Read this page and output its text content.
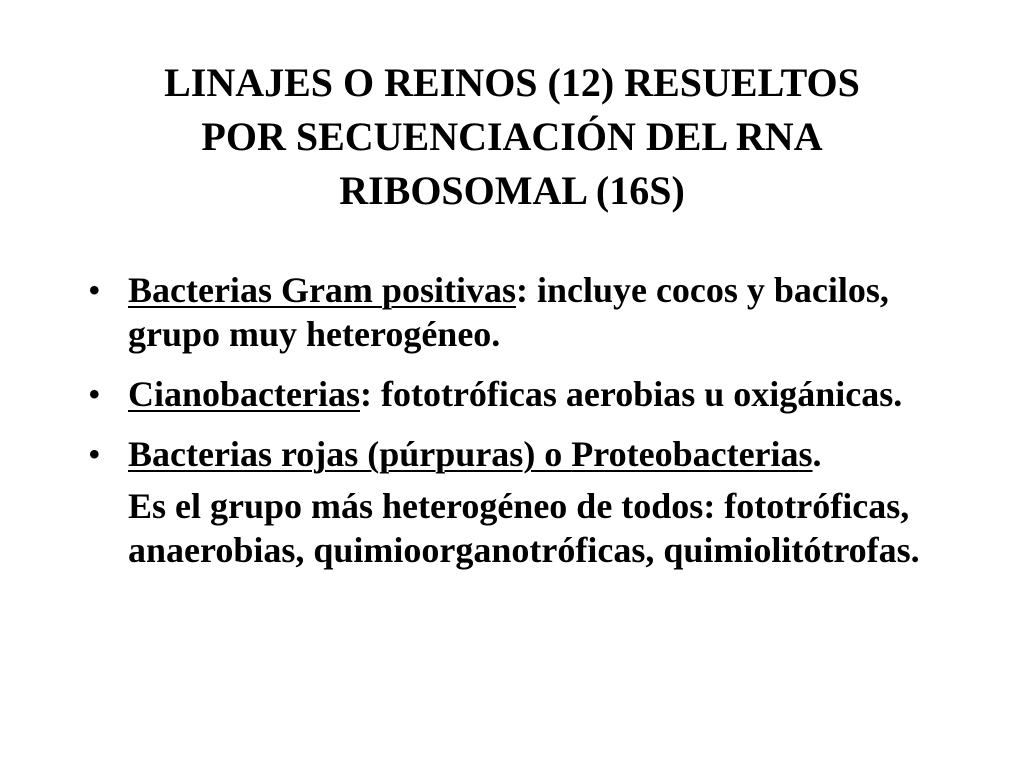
LINAJES O REINOS (12) RESUELTOS
POR SECUENCIACIÓN DEL RNA
RIBOSOMAL (16S)
• Bacterias Gram positivas: incluye cocos y bacilos, grupo muy heterogéneo.
• Cianobacterias: fototróficas aerobias u oxigánicas.
• Bacterias rojas (púrpuras) o Proteobacterias.
Es el grupo más heterogéneo de todos: fototróficas, anaerobias, quimioorganotróficas, quimiolitótrofas.
